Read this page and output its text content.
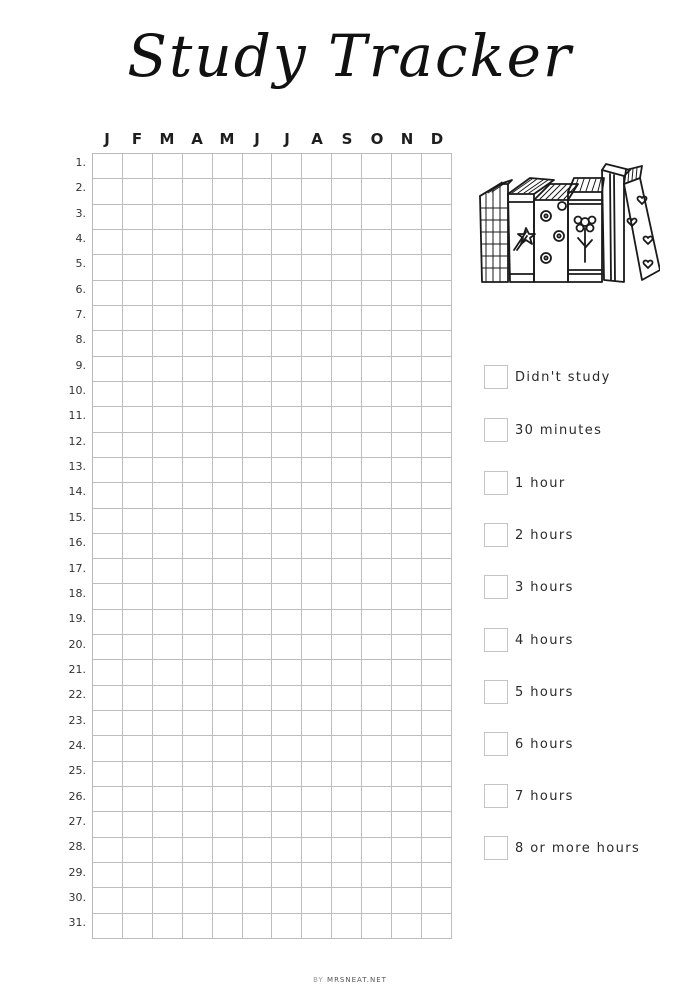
Study Tracker
J	F	M	A	M	J	J	A	S	O	N	D
1.
2.
3.
4.
5.
6.
7.
8.
9.
10.
11.
12.
13.
14.
15.
16.
17.
18.
19.
20.
21.
22.
23.
24.
25.
26.
27.
28.
29.
30.
31.
Didn't study
30 minutes
1 hour
2 hours
3 hours
4 hours
5 hours
6 hours
7 hours
8 or more hours
BY MRSNEAT.NET
